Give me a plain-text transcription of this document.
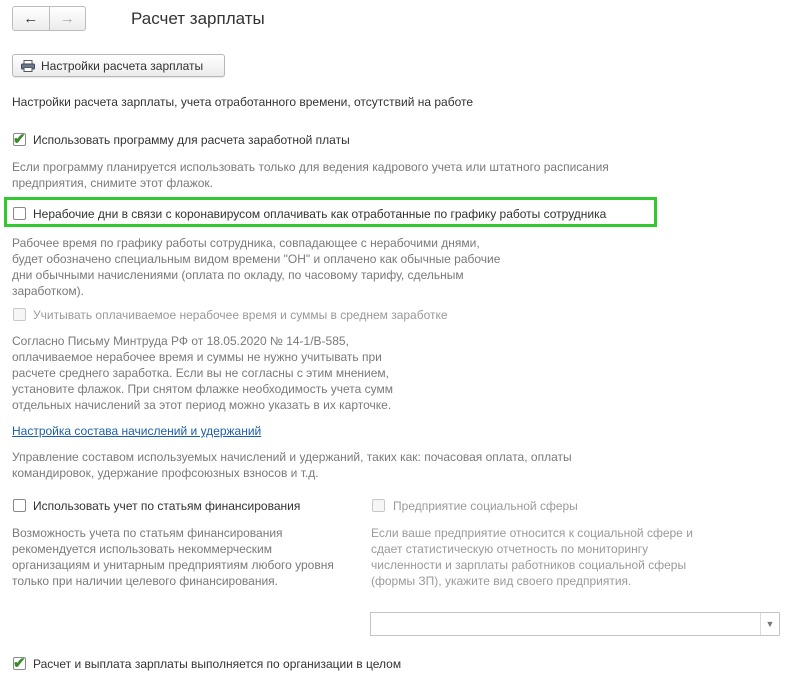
← →	Расчет зарплаты
Настройки расчета зарплаты
Настройки расчета зарплаты, учета отработанного времени, отсутствий на работе
✔ Использовать программу для расчета заработной платы
Если программу планируется использовать только для ведения кадрового учета или штатного расписания
предприятия, снимите этот флажок.
Нерабочие дни в связи с коронавирусом оплачивать как отработанные по графику работы сотрудника
Рабочее время по графику работы сотрудника, совпадающее с нерабочими днями,
будет обозначено специальным видом времени "ОН" и оплачено как обычные рабочие
дни обычными начислениями (оплата по окладу, по часовому тарифу, сдельным
заработком).
Учитывать оплачиваемое нерабочее время и суммы в среднем заработке
Согласно Письму Минтруда РФ от 18.05.2020 № 14-1/В-585,
оплачиваемое нерабочее время и суммы не нужно учитывать при
расчете среднего заработка. Если вы не согласны с этим мнением,
установите флажок. При снятом флажке необходимость учета сумм
отдельных начислений за этот период можно указать в их карточке.
Настройка состава начислений и удержаний
Управление составом используемых начислений и удержаний, таких как: почасовая оплата, оплаты
командировок, удержание профсоюзных взносов и т.д.
Использовать учет по статьям финансирования
Возможность учета по статьям финансирования
рекомендуется использовать некоммерческим
организациям и унитарным предприятиям любого уровня
только при наличии целевого финансирования.
Предприятие социальной сферы
Если ваше предприятие относится к социальной сфере и
сдает статистическую отчетность по мониторингу
численности и зарплаты работников социальной сферы
(формы ЗП), укажите вид своего предприятия.
▼
✔ Расчет и выплата зарплаты выполняется по организации в целом
